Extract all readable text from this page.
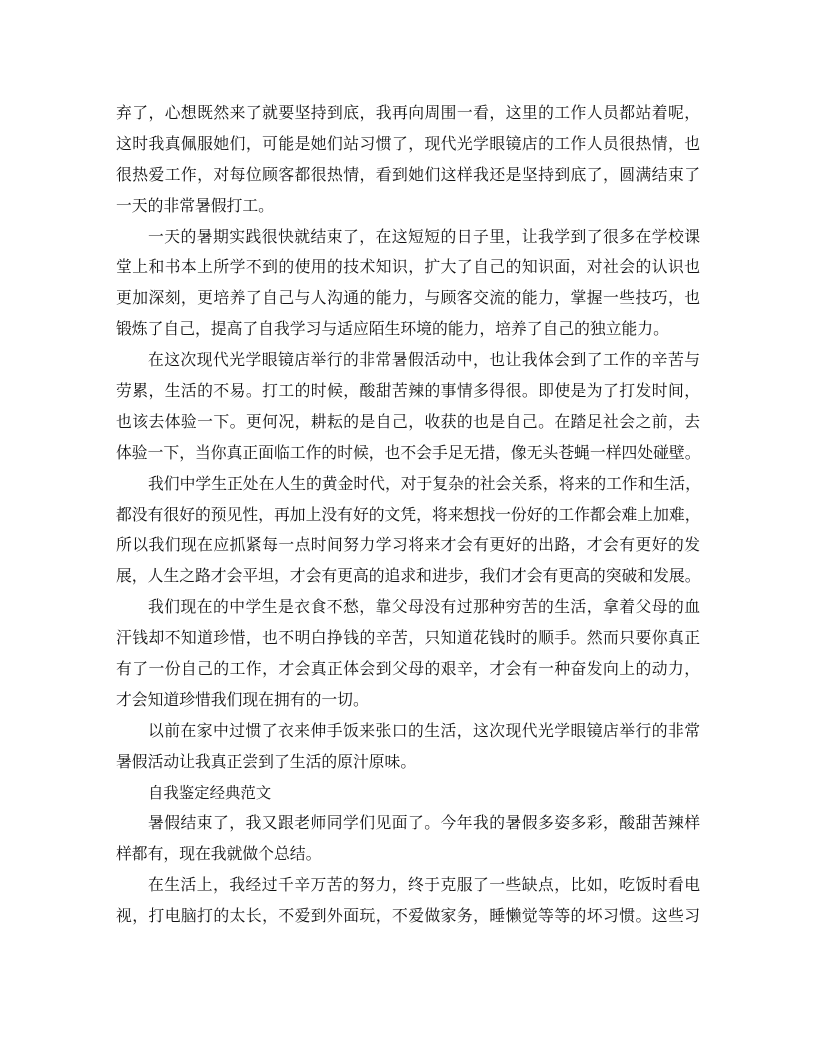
弃了，心想既然来了就要坚持到底，我再向周围一看，这里的工作人员都站着呢，
这时我真佩服她们，可能是她们站习惯了，现代光学眼镜店的工作人员很热情，也
很热爱工作，对每位顾客都很热情，看到她们这样我还是坚持到底了，圆满结束了
一天的非常暑假打工。
一天的暑期实践很快就结束了，在这短短的日子里，让我学到了很多在学校课
堂上和书本上所学不到的使用的技术知识，扩大了自己的知识面，对社会的认识也
更加深刻，更培养了自己与人沟通的能力，与顾客交流的能力，掌握一些技巧，也
锻炼了自己，提高了自我学习与适应陌生环境的能力，培养了自己的独立能力。
在这次现代光学眼镜店举行的非常暑假活动中，也让我体会到了工作的辛苦与
劳累，生活的不易。打工的时候，酸甜苦辣的事情多得很。即使是为了打发时间，
也该去体验一下。更何况，耕耘的是自己，收获的也是自己。在踏足社会之前，去
体验一下，当你真正面临工作的时候，也不会手足无措，像无头苍蝇一样四处碰壁。
我们中学生正处在人生的黄金时代，对于复杂的社会关系，将来的工作和生活，
都没有很好的预见性，再加上没有好的文凭，将来想找一份好的工作都会难上加难，
所以我们现在应抓紧每一点时间努力学习将来才会有更好的出路，才会有更好的发
展，人生之路才会平坦，才会有更高的追求和进步，我们才会有更高的突破和发展。
我们现在的中学生是衣食不愁，靠父母没有过那种穷苦的生活，拿着父母的血
汗钱却不知道珍惜，也不明白挣钱的辛苦，只知道花钱时的顺手。然而只要你真正
有了一份自己的工作，才会真正体会到父母的艰辛，才会有一种奋发向上的动力，
才会知道珍惜我们现在拥有的一切。
以前在家中过惯了衣来伸手饭来张口的生活，这次现代光学眼镜店举行的非常
暑假活动让我真正尝到了生活的原汁原味。
自我鉴定经典范文
暑假结束了，我又跟老师同学们见面了。今年我的暑假多姿多彩，酸甜苦辣样
样都有，现在我就做个总结。
在生活上，我经过千辛万苦的努力，终于克服了一些缺点，比如，吃饭时看电
视，打电脑打的太长，不爱到外面玩，不爱做家务，睡懒觉等等的坏习惯。这些习
